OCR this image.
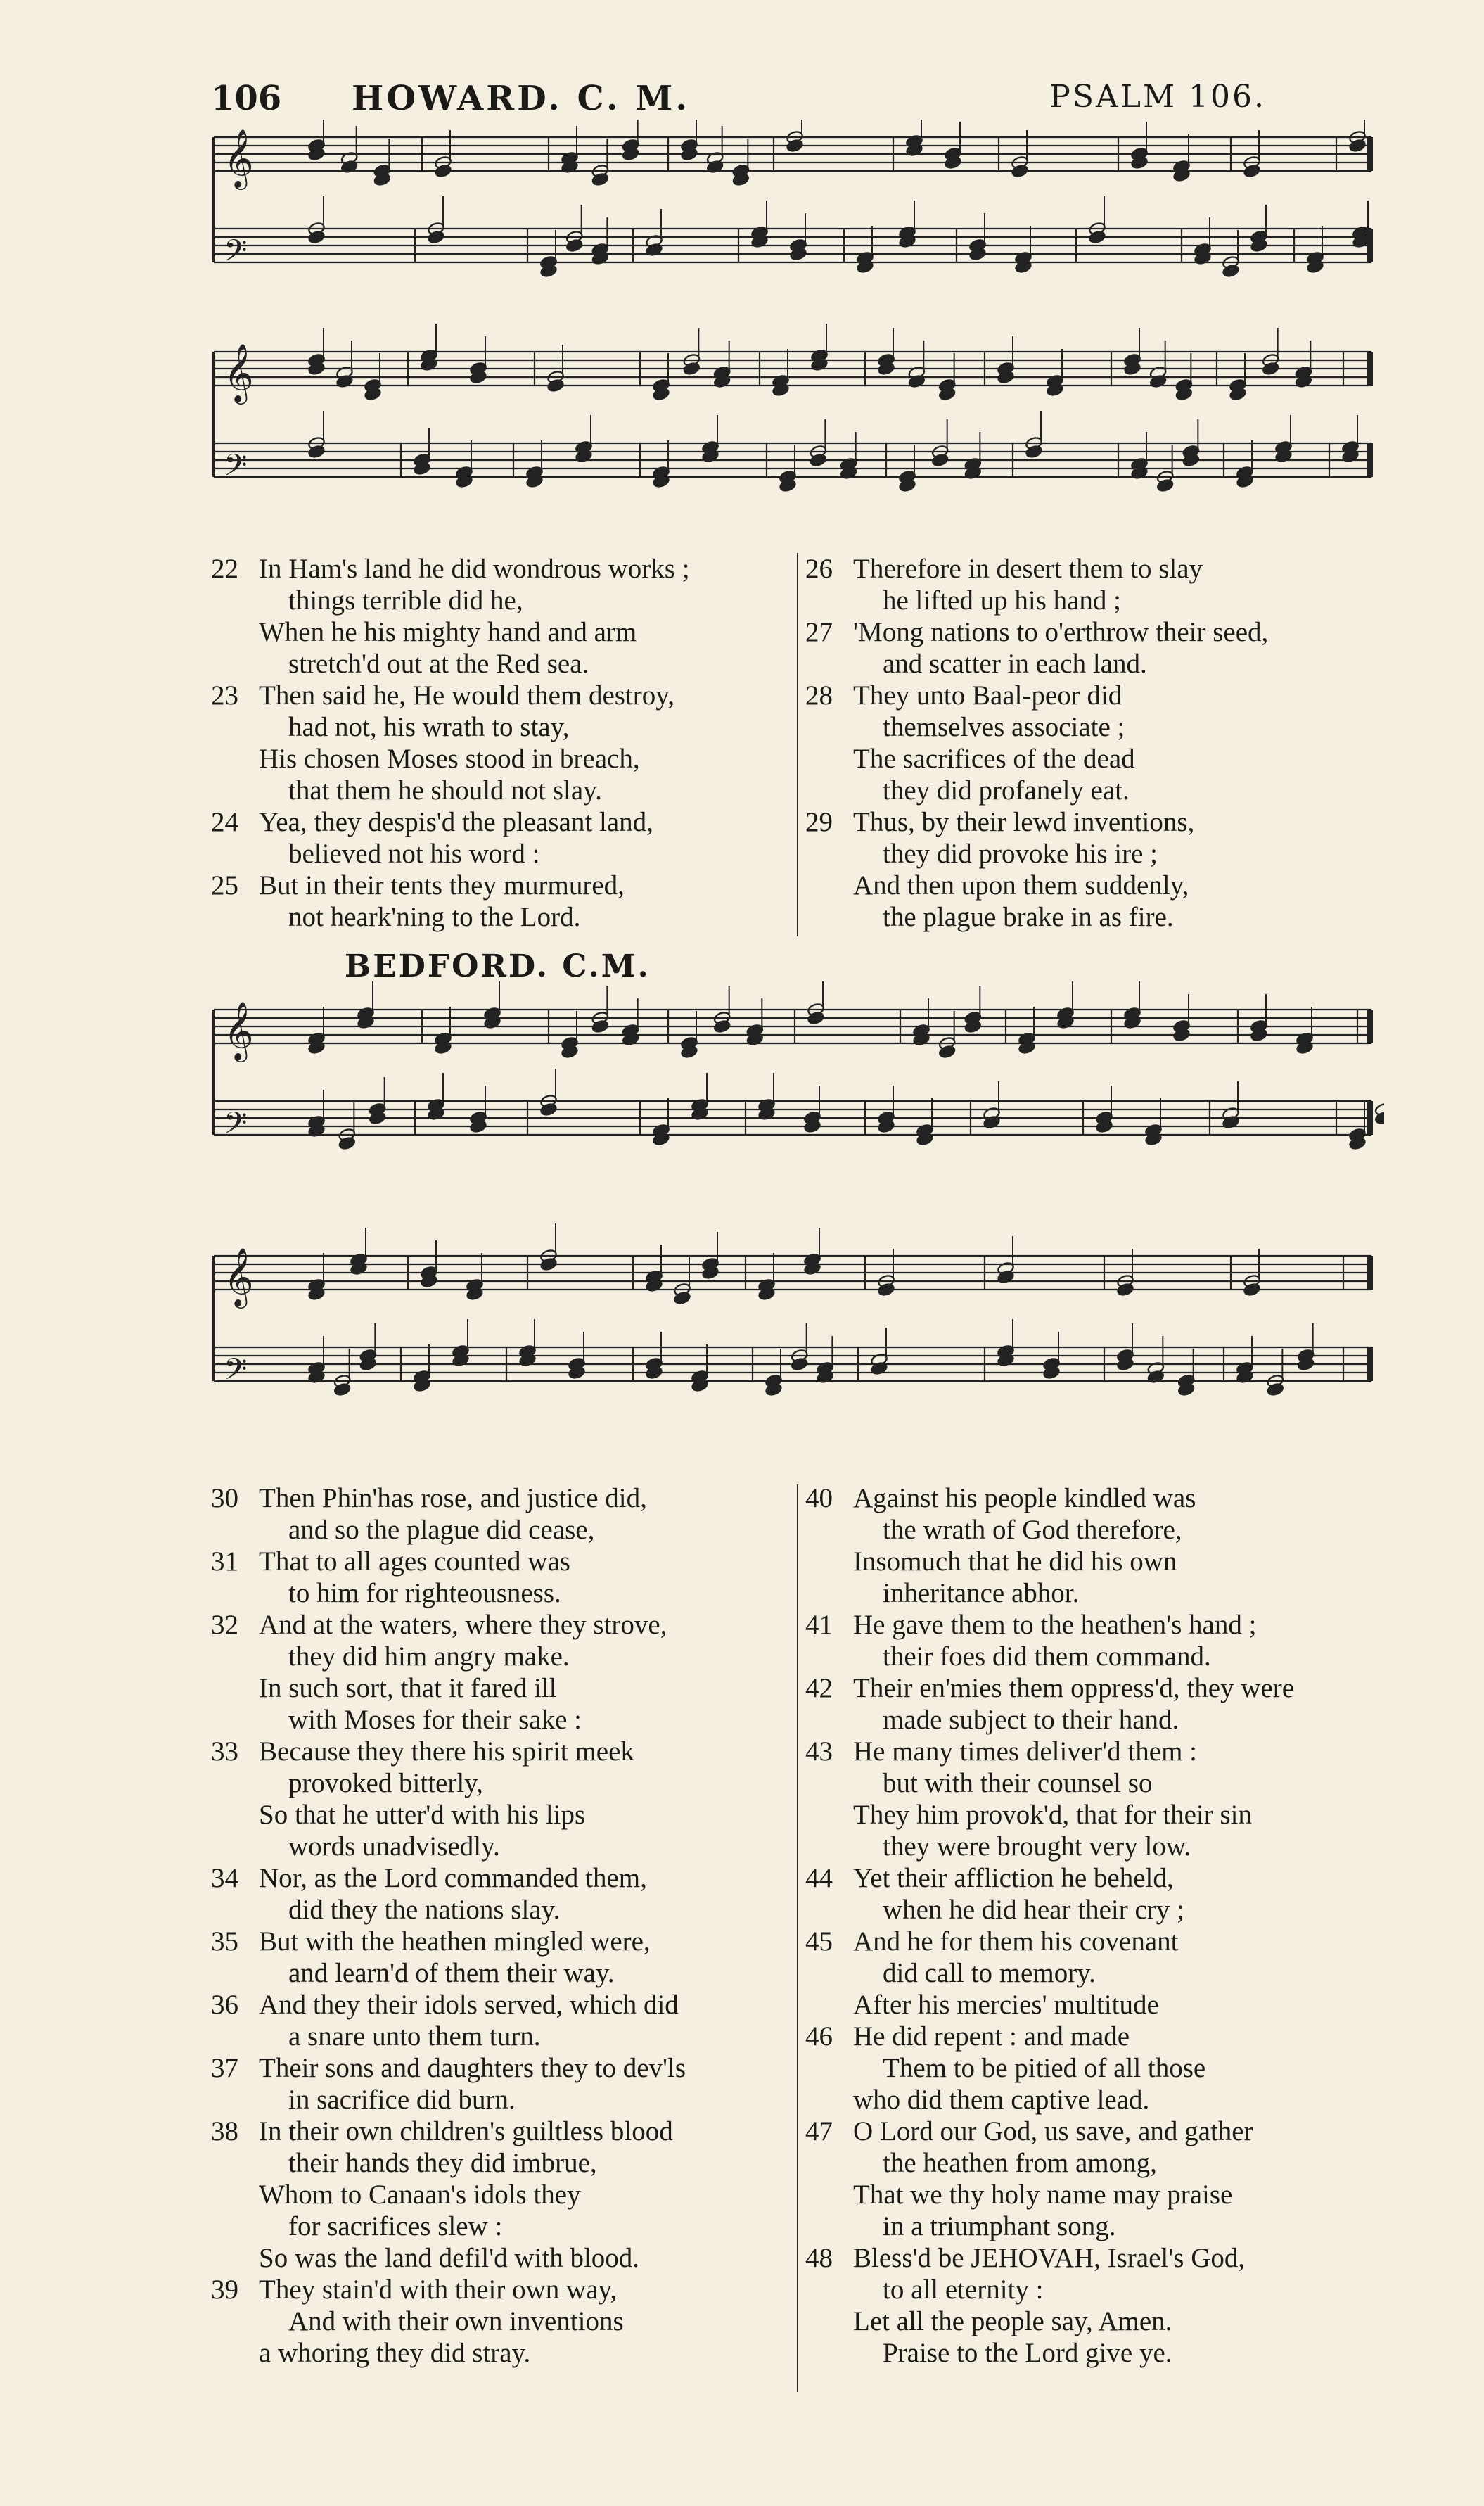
106 HOWARD. C. M.	PSALM 106.
𝄞
𝄢
𝄞
𝄢
𝄞
𝄢
𝄞
𝄢
BEDFORD. C.M.
22 In Ham's land he did wondrous works ;
things terrible did he,
When he his mighty hand and arm
stretch'd out at the Red sea.
23 Then said he, He would them destroy,
had not, his wrath to stay,
His chosen Moses stood in breach,
that them he should not slay.
24 Yea, they despis'd the pleasant land,
believed not his word :
25 But in their tents they murmured,
not heark'ning to the Lord.
26 Therefore in desert them to slay
he lifted up his hand ;
27 'Mong nations to o'erthrow their seed,
and scatter in each land.
28 They unto Baal-peor did
themselves associate ;
The sacrifices of the dead
they did profanely eat.
29 Thus, by their lewd inventions,
they did provoke his ire ;
And then upon them suddenly,
the plague brake in as fire.
30 Then Phin'has rose, and justice did,
and so the plague did cease,
31 That to all ages counted was
to him for righteousness.
32 And at the waters, where they strove,
they did him angry make.
In such sort, that it fared ill
with Moses for their sake :
33 Because they there his spirit meek
provoked bitterly,
So that he utter'd with his lips
words unadvisedly.
34 Nor, as the Lord commanded them,
did they the nations slay.
35 But with the heathen mingled were,
and learn'd of them their way.
36 And they their idols served, which did
a snare unto them turn.
37 Their sons and daughters they to dev'ls
in sacrifice did burn.
38 In their own children's guiltless blood
their hands they did imbrue,
Whom to Canaan's idols they
for sacrifices slew :
So was the land defil'd with blood.
39 They stain'd with their own way,
And with their own inventions
a whoring they did stray.
40 Against his people kindled was
the wrath of God therefore,
Insomuch that he did his own
inheritance abhor.
41 He gave them to the heathen's hand ;
their foes did them command.
42 Their en'mies them oppress'd, they were
made subject to their hand.
43 He many times deliver'd them :
but with their counsel so
They him provok'd, that for their sin
they were brought very low.
44 Yet their affliction he beheld,
when he did hear their cry ;
45 And he for them his covenant
did call to memory.
After his mercies' multitude
46 He did repent : and made
Them to be pitied of all those
who did them captive lead.
47 O Lord our God, us save, and gather
the heathen from among,
That we thy holy name may praise
in a triumphant song.
48 Bless'd be JEHOVAH, Israel's God,
to all eternity :
Let all the people say, Amen.
Praise to the Lord give ye.
